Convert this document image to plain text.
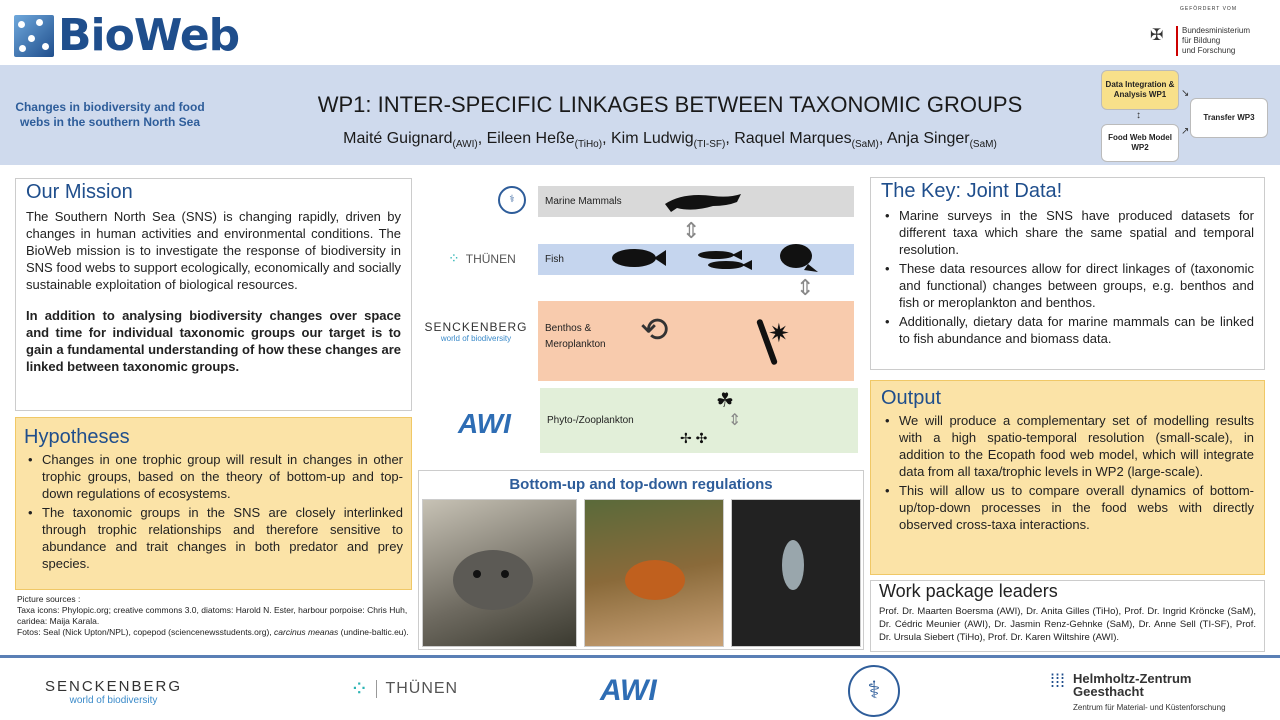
BioWeb
GEFÖRDERT VOM
✠	Bundesministerium
für Bildung
und Forschung
Changes in biodiversity and food webs in the southern North Sea
WP1: INTER-SPECIFIC LINKAGES BETWEEN TAXONOMIC GROUPS
Maité Guignard$_{(AWI)}$, Eileen Heße$_{(TiHo)}$, Kim Ludwig$_{(TI-SF)}$, Raquel Marques$_{(SaM)}$, Anja Singer$_{(SaM)}$
Data Integration & Analysis WP1
Food Web Model WP2
Transfer WP3
↕
↘
↗
Our Mission

The Southern North Sea (SNS) is changing rapidly, driven by changes in human activities and environmental conditions. The BioWeb mission is to investigate the response of biodiversity in SNS food webs to support ecologically, economically and socially sustainable exploitation of biological resources.

In addition to analysing biodiversity changes over space and time for individual taxonomic groups our target is to gain a fundamental understanding of how these changes are linked between taxonomic groups.

Hypotheses
• Changes in one trophic group will result in changes in other trophic groups, based on the theory of bottom-up and top-down regulations of ecosystems.
• The taxonomic groups in the SNS are closely interlinked through trophic relationships and therefore sensitive to abundance and trait changes in both predator and prey species.
Picture sources :
Taxa icons: Phylopic.org; creative commons 3.0, diatoms: Harold N. Ester, harbour porpoise: Chris Huh, caridea: Maija Karala.
Fotos: Seal (Nick Upton/NPL), copepod (sciencenewsstudents.org), carcinus meanas (undine-baltic.eu).
⚕	Marine Mammals
⇕
⁘ THÜNEN	Fish
⇕
SENCKENBERG
world of biodiversity
Benthos & Meroplankton	⟲	✷
AWI	Phyto-/Zooplankton
☘
⇕
✢ ✣
Bottom-up and top-down regulations
The Key: Joint Data!
• Marine surveys in the SNS have produced datasets for different taxa which share the same spatial and temporal resolution.
• These data resources allow for direct linkages of (taxonomic and functional) changes between groups, e.g. benthos and fish or meroplankton and benthos.
• Additionally, dietary data for marine mammals can be linked to fish abundance and biomass data.
Output
• We will produce a complementary set of modelling results with a high spatio-temporal resolution (small-scale), in addition to the Ecopath food web model, which will integrate data from all taxa/trophic levels in WP2 (large-scale).
• This will allow us to compare overall dynamics of bottom-up/top-down processes in the food webs with directly observed cross-taxa interactions.
Work package leaders

Prof. Dr. Maarten Boersma (AWI), Dr. Anita Gilles (TiHo), Prof. Dr. Ingrid Kröncke (SaM), Dr. Cédric Meunier (AWI), Dr. Jasmin Renz-Gehnke (SaM), Dr. Anne Sell (TI-SF), Prof. Dr. Ursula Siebert (TiHo), Prof. Dr. Karen Wiltshire (AWI).

SENCKENBERG
world of biodiversity	⁘	THÜNEN	AWI	⚕	⁞⁞⁞ Helmholtz-Zentrum
Geesthacht
Zentrum für Material- und Küstenforschung
